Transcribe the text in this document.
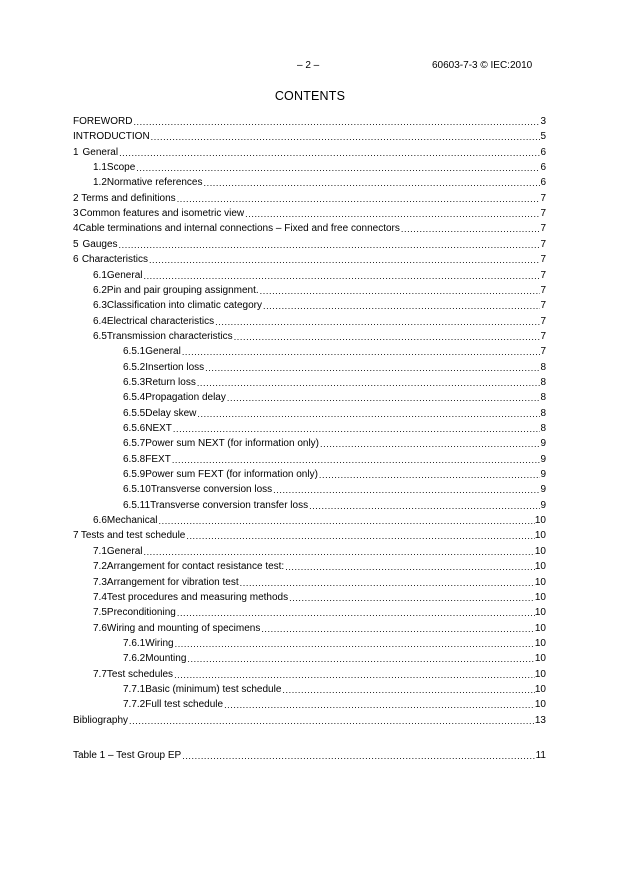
– 2 –	60603-7-3 © IEC:2010
CONTENTS
FOREWORD .....	3
INTRODUCTION .....	5
1 General .....	6
1.1 Scope .....	6
1.2 Normative references .....	6
2 Terms and definitions .....	7
3 Common features and isometric view .....	7
4 Cable terminations and internal connections – Fixed and free connectors .....	7
5 Gauges .....	7
6 Characteristics .....	7
6.1 General .....	7
6.2 Pin and pair grouping assignment. .....	7
6.3 Classification into climatic category .....	7
6.4 Electrical characteristics .....	7
6.5 Transmission characteristics .....	7
6.5.1 General .....	7
6.5.2 Insertion loss .....	8
6.5.3 Return loss .....	8
6.5.4 Propagation delay .....	8
6.5.5 Delay skew .....	8
6.5.6 NEXT .....	8
6.5.7 Power sum NEXT (for information only) .....	9
6.5.8 FEXT .....	9
6.5.9 Power sum FEXT (for information only) .....	9
6.5.10 Transverse conversion loss .....	9
6.5.11 Transverse conversion transfer loss .....	9
6.6 Mechanical .....	10
7 Tests and test schedule .....	10
7.1 General .....	10
7.2 Arrangement for contact resistance test: .....	10
7.3 Arrangement for vibration test .....	10
7.4 Test procedures and measuring methods .....	10
7.5 Preconditioning .....	10
7.6 Wiring and mounting of specimens .....	10
7.6.1 Wiring .....	10
7.6.2 Mounting .....	10
7.7 Test schedules .....	10
7.7.1 Basic (minimum) test schedule .....	10
7.7.2 Full test schedule .....	10
Bibliography .....	13
Table 1 – Test Group EP .....	11
